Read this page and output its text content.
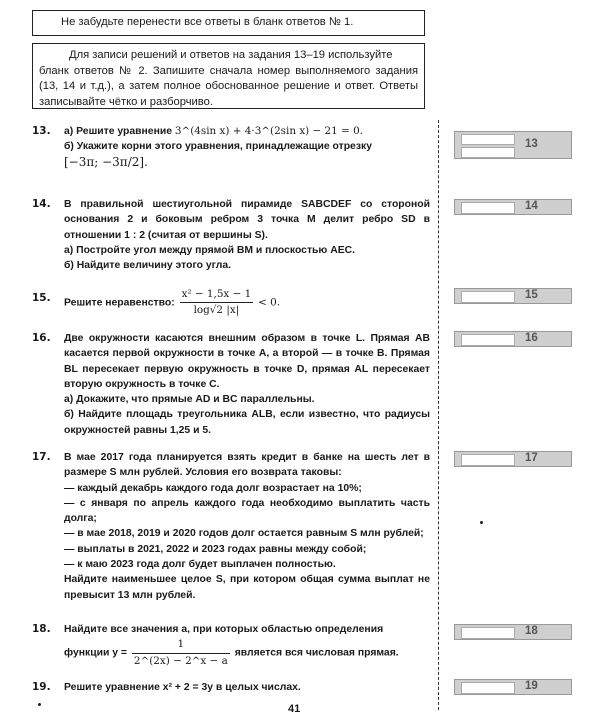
Не забудьте перенести все ответы в бланк ответов № 1.
Для записи решений и ответов на задания 13–19 используйте
бланк ответов № 2. Запишите сначала номер выполняемого задания (13, 14 и т.д.), а затем полное обоснованное решение и ответ. Ответы записывайте чётко и разборчиво.
13. а) Решите уравнение 3^(4sin x) + 4·3^(2sin x) − 21 = 0.
б) Укажите корни этого уравнения, принадлежащие отрезку
[−3π; −3π/2].
13
14. В правильной шестиугольной пирамиде SABCDEF со стороной основания 2 и боковым ребром 3 точка M делит ребро SD в отношении 1 : 2 (считая от вершины S).

а) Постройте угол между прямой BM и плоскостью AEC.
б) Найдите величину этого угла.
14
15. Решите неравенство: $\frac{\text{x² − 1,5x − 1}}{\log√2 |x|} < 0$.
15
16. Две окружности касаются внешним образом в точке L. Прямая AB касается первой окружности в точке A, а второй — в точке B. Прямая BL пересекает первую окружность в точке D, прямая AL пересекает вторую окружность в точке C.

а) Докажите, что прямые AD и BC параллельны.
б) Найдите площадь треугольника ALB, если известно, что радиусы окружностей равны 1,25 и 5.
16
17. В мае 2017 года планируется взять кредит в банке на шесть лет в размере S млн рублей. Условия его возврата таковы:

— каждый декабрь каждого года долг возрастает на 10%;
— с января по апрель каждого года необходимо выплатить часть долга;
— в мае 2018, 2019 и 2020 годов долг остается равным S млн рублей;
— выплаты в 2021, 2022 и 2023 годах равны между собой;
— к маю 2023 года долг будет выплачен полностью.

Найдите наименьшее целое S, при котором общая сумма выплат не превысит 13 млн рублей.

17
18. Найдите все значения a, при которых областью определения

функции $y = \frac{1}{2\^{}(2x) - 2\^{}x - a}$ является вся числовая прямая.
18
19. Решите уравнение x² + 2 = 3y в целых числах.	19
41
